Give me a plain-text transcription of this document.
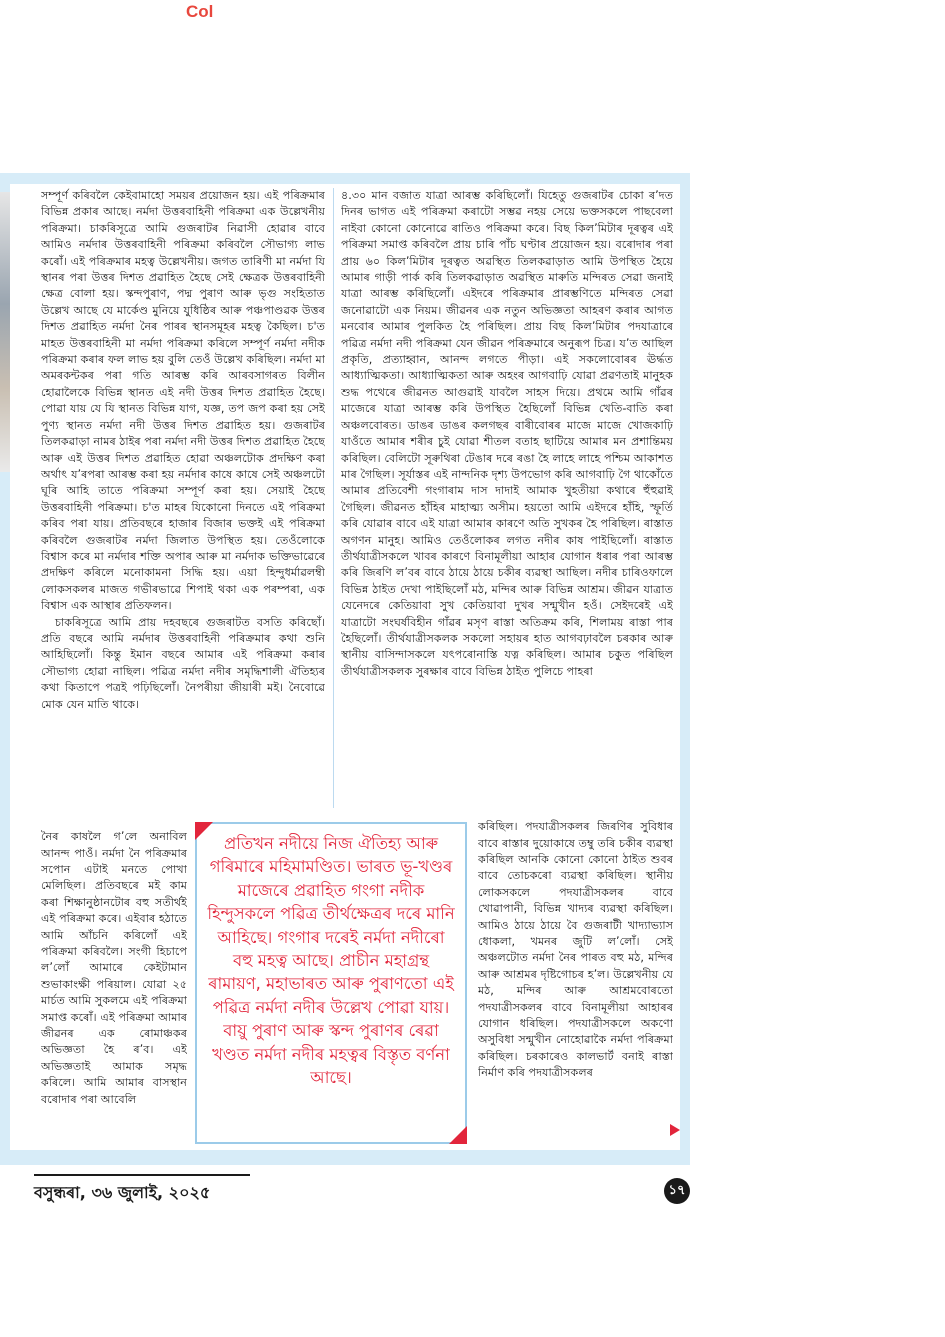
Col

সম্পূৰ্ণ কৰিবলৈ কেইবামাহো সময়ৰ প্ৰয়োজন হয়। এই পৰিক্ৰমাৰ বিভিন্ন প্ৰকাৰ আছে। নৰ্মদা উত্তৰবাহিনী পৰিক্ৰমা এক উল্লেখনীয় পৰিক্ৰমা। চাকৰিসূত্ৰে আমি গুজৰাটৰ নিৱাসী হোৱাৰ বাবে আমিও নৰ্মদাৰ উত্তৰবাহিনী পৰিক্ৰমা কৰিবলৈ সৌভাগ্য লাভ কৰোঁ। এই পৰিক্ৰমাৰ মহত্ব উল্লেখনীয়। জগত তাৰিণী মা নৰ্মদা যি স্থানৰ পৰা উত্তৰ দিশত প্ৰৱাহিত হৈছে সেই ক্ষেত্ৰক উত্তৰবাহিনী ক্ষেত্ৰ বোলা হয়। স্কন্দপুৰাণ, পদ্ম পুৰাণ আৰু ভৃগু সংহিতাত উল্লেখ আছে যে মাৰ্কেণ্ড মুনিয়ে যুধিষ্ঠিৰ আৰু পঞ্চপাণ্ডৱক উত্তৰ দিশত প্ৰৱাহিত নৰ্মদা নৈৰ পাৰৰ স্থানসমূহৰ মহত্ব কৈছিল। চ'ত মাহত উত্তৰবাহিনী মা নৰ্মদা পৰিক্ৰমা কৰিলে সম্পূৰ্ণ নৰ্মদা নদীক পৰিক্ৰমা কৰাৰ ফল লাভ হয় বুলি তেওঁ উল্লেখ কৰিছিল। নৰ্মদা মা অমৰকন্টকৰ পৰা গতি আৰম্ভ কৰি আৰবসাগৰত বিলীন হোৱালৈকে বিভিন্ন স্থানত এই নদী উত্তৰ দিশত প্ৰৱাহিত হৈছে। পোৱা যায় যে যি স্থানত বিভিন্ন যাগ, যজ্ঞ, তপ জপ কৰা হয় সেই পুণ্য স্থানত নৰ্মদা নদী উত্তৰ দিশত প্ৰৱাহিত হয়। গুজৰাটৰ তিলকৱাড়া নামৰ ঠাইৰ পৰা নৰ্মদা নদী উত্তৰ দিশত প্ৰৱাহিত হৈছে আৰু এই উত্তৰ দিশত প্ৰৱাহিত হোৱা অঞ্চলটোক প্ৰদক্ষিণ কৰা অৰ্থাৎ যʼৰপৰা আৰম্ভ কৰা হয় নৰ্মদাৰ কাষে কাষে সেই অঞ্চলটো ঘূৰি আহি তাতে পৰিক্ৰমা সম্পূৰ্ণ কৰা হয়। সেয়াই হৈছে উত্তৰবাহিনী পৰিক্ৰমা। চ'ত মাহৰ যিকোনো দিনতে এই পৰিক্ৰমা কৰিব পৰা যায়। প্ৰতিবছৰে হাজাৰ বিজাৰ ভক্তই এই পৰিক্ৰমা কৰিবলৈ গুজৰাটৰ নৰ্মদা জিলাত উপস্থিত হয়। তেওঁলোকে বিশ্বাস কৰে মা নৰ্মদাৰ শক্তি অপাৰ আৰু মা নৰ্মদাক ভক্তিভাৱেৰে প্ৰদক্ষিণ কৰিলে মনোকামনা সিদ্ধি হয়। এয়া হিন্দুধৰ্মাৱলম্বী লোকসকলৰ মাজত গভীৰভাৱে শিপাই থকা এক পৰম্পৰা, এক বিশ্বাস এক আস্থাৰ প্ৰতিফলন।

চাকৰিসূত্ৰে আমি প্ৰায় দহবছৰে গুজৰাটত বসতি কৰিছোঁ। প্ৰতি বছৰে আমি নৰ্মদাৰ উত্তৰবাহিনী পৰিক্ৰমাৰ কথা শুনি আহিছিলোঁ। কিন্তু ইমান বছৰে আমাৰ এই পৰিক্ৰমা কৰাৰ সৌভাগ্য হোৱা নাছিল। পৱিত্ৰ নৰ্মদা নদীৰ সমৃদ্ধিশালী ঐতিহ্যৰ কথা কিতাপে পত্ৰই পঢ়িছিলোঁ। নৈপৰীয়া জীয়াৰী মই। নৈবোৱে মোক যেন মাতি থাকে।

৪.৩০ মান বজাত যাত্ৰা আৰম্ভ কৰিছিলোঁ। যিহেতু গুজৰাটৰ চোকা ৰʼদত দিনৰ ভাগত এই পৰিক্ৰমা কৰাটো সম্ভৱ নহয় সেয়ে ভক্তসকলে পাছবেলা নাইবা কোনো কোনোৱে ৰাতিও পৰিক্ৰমা কৰে। বিছ কিলʼমিটাৰ দূৰত্বৰ এই পৰিক্ৰমা সমাপ্ত কৰিবলৈ প্ৰায় চাৰি পাঁচ ঘণ্টাৰ প্ৰয়োজন হয়। বৰোদাৰ পৰা প্ৰায় ৬০ কিলʼমিটাৰ দূৰত্বত অৱস্থিত তিলকৱাড়াত আমি উপস্থিত হৈয়ে আমাৰ গাড়ী পাৰ্ক কৰি তিলকৱাড়াত অৱস্থিত মাৰুতি মন্দিৰত সেৱা জনাই যাত্ৰা আৰম্ভ কৰিছিলোঁ। এইদৰে পৰিক্ৰমাৰ প্ৰাৰম্ভণিতে মন্দিৰত সেৱা জনোৱাটো এক নিয়ম। জীৱনৰ এক নতুন অভিজ্ঞতা আহৰণ কৰাৰ আগত মনবোৰ আমাৰ পুলকিত হৈ পৰিছিল। প্ৰায় বিছ কিলʼমিটাৰ পদযাত্ৰাৰে পৱিত্ৰ নৰ্মদা নদী পৰিক্ৰমা যেন জীৱন পৰিক্ৰমাৰে অনুৰূপ চিত্ৰ। যʼত আছিল প্ৰকৃতি, প্ৰত্যাহ্বান, আনন্দ লগতে পীড়া। এই সকলোবোৰৰ ঊৰ্দ্ধত আধ্যাত্মিকতা। আধ্যাত্মিকতা আৰু অহংৰ আগবাঢ়ি যোৱা প্ৰৱণতাই মানুহক শুদ্ধ পথেৰে জীৱনত আগুৱাই যাবলৈ সাহস দিয়ে। প্ৰথমে আমি গাঁৱৰ মাজেৰে যাত্ৰা আৰম্ভ কৰি উপস্থিত হৈছিলোঁ বিভিন্ন খেতি-বাতি কৰা অঞ্চলবোৰত। ডাঙৰ ডাঙৰ কলগছৰ বাৰীবোৰৰ মাজে মাজে খোজকাঢ়ি যাওঁতে আমাৰ শৰীৰ চুই যোৱা শীতল বতাহ ছাটিয়ে আমাৰ মন প্ৰশান্তিময় কৰিছিল। বেলিটো সূৰুথিৰা টেঙাৰ দৰে ৰঙা হৈ লাহে লাহে পশ্চিম আকাশত মাৰ গৈছিল। সূৰ্যাস্তৰ এই নান্দনিক দৃশ্য উপভোগ কৰি আগবাঢ়ি গৈ থাকোঁতে আমাৰ প্ৰতিবেশী গংগাৰাম দাস দাদাই আমাক খুহতীয়া কথাৰে হুঁহুৱাই গৈছিল। জীৱনত হাঁহিৰ মাহাত্ম্য অসীম। হয়তো আমি এইদৰে হাঁহি, স্ফূৰ্তি কৰি যোৱাৰ বাবে এই যাত্ৰা আমাৰ কাৰণে অতি সুখকৰ হৈ পৰিছিল। ৰাস্তাত অগণন মানুহ। আমিও তেওঁলোকৰ লগত নদীৰ কাষ পাইছিলোঁ। ৰাস্তাত তীৰ্থযাত্ৰীসকলে খাবৰ কাৰণে বিনামূলীয়া আহাৰ যোগান ধৰাৰ পৰা আৰম্ভ কৰি জিৰণি লʼবৰ বাবে ঠায়ে ঠায়ে চকীৰ ব্যৱস্থা আছিল। নদীৰ চাৰিওফালে বিভিন্ন ঠাইত দেখা পাইছিলোঁ মঠ, মন্দিৰ আৰু বিভিন্ন আশ্ৰম। জীৱন যাত্ৰাত যেনেদৰে কেতিয়াবা সুখ কেতিয়াবা দুখৰ সন্মুখীন হওঁ। সেইদৰেই এই যাত্ৰাটো সংঘৰ্ষবিহীন গাঁৱৰ মসৃণ ৰাস্তা অতিক্ৰম কৰি, শিলাময় ৰাস্তা পাৰ হৈছিলোঁ। তীৰ্থযাত্ৰীসকলক সকলো সহায়ৰ হাত আগবঢ়াবলৈ চৰকাৰ আৰু স্থানীয় বাসিন্দাসকলে যৎপৰোনাস্তি যত্ন কৰিছিল। আমাৰ চকুত পৰিছিল তীৰ্থযাত্ৰীসকলক সুৰক্ষাৰ বাবে বিভিন্ন ঠাইত পুলিচে পাহৰা

নৈৰ কাষলৈ গʼলে অনাবিল আনন্দ পাওঁ। নৰ্মদা নৈ পৰিক্ৰমাৰ সপোন এটাই মনতে পোখা মেলিছিল। প্ৰতিবছৰে মই কাম কৰা শিক্ষানুষ্ঠানটোৰ বহু সতীৰ্থই এই পৰিক্ৰমা কৰে। এইবাৰ হঠাতে আমি আঁচনি কৰিলোঁ এই পৰিক্ৰমা কৰিবলৈ। সংগী হিচাপে লʼলোঁ আমাৰে কেইটামান শুভাকাংক্ষী পৰিয়াল। যোৱা ২৫ মাৰ্চত আমি সুকলমে এই পৰিক্ৰমা সমাপ্ত কৰোঁ। এই পৰিক্ৰমা আমাৰ জীৱনৰ এক ৰোমাঞ্চকৰ অভিজ্ঞতা হৈ ৰʼব। এই অভিজ্ঞতাই আমাক সমৃদ্ধ কৰিলে। আমি আমাৰ বাসস্থান বৰোদাৰ পৰা আবেলি

কৰিছিল। পদযাত্ৰীসকলৰ জিৰণিৰ সুবিধাৰ বাবে ৰাস্তাৰ দুয়োকাষে তম্বু তৰি চকীৰ ব্যৱস্থা কৰিছিল আনকি কোনো কোনো ঠাইত শুবৰ বাবে তোচকৰো ব্যৱস্থা কৰিছিল। স্থানীয় লোকসকলে পদযাত্ৰীসকলৰ বাবে খোৱাপানী, বিভিন্ন খাদ্যৰ ব্যৱস্থা কৰিছিল। আমিও ঠায়ে ঠায়ে বৈ গুজৰাটী খাদ্যাভ্যাস ধোকলা, খমনৰ জুটি লʼলোঁ। সেই অঞ্চলটোত নৰ্মদা নৈৰ পাৰত বহু মঠ, মন্দিৰ আৰু আশ্ৰমৰ দৃষ্টিগোচৰ হʼল। উল্লেখনীয় যে মঠ, মন্দিৰ আৰু আশ্ৰমবোৰতো পদযাত্ৰীসকলৰ বাবে বিনামূলীয়া আহাৰৰ যোগান ধৰিছিল। পদযাত্ৰীসকলে অকণো অসুবিধা সন্মুখীন নোহোৱাকৈ নৰ্মদা পৰিক্ৰমা কৰিছিল। চৰকাৰেও কালভাৰ্ট বনাই ৰাস্তা নিৰ্মাণ কৰি পদযাত্ৰীসকলৰ

প্ৰতিখন নদীয়ে নিজ ঐতিহ্য আৰু গৰিমাৰে মহিমামণ্ডিত। ভাৰত ভূ-খণ্ডৰ মাজেৰে প্ৰৱাহিত গংগা নদীক হিন্দুসকলে পৱিত্ৰ তীৰ্থক্ষেত্ৰৰ দৰে মানি আহিছে। গংগাৰ দৰেই নৰ্মদা নদীৰো বহু মহত্ব আছে। প্ৰাচীন মহাগ্ৰন্থ ৰামায়ণ, মহাভাৰত আৰু পুৰাণতো এই পৱিত্ৰ নৰ্মদা নদীৰ উল্লেখ পোৱা যায়। বায়ু পুৰাণ আৰু স্কন্দ পুৰাণৰ ৰেৱা খণ্ডত নৰ্মদা নদীৰ মহত্বৰ বিস্তৃত বৰ্ণনা আছে।
বসুন্ধৰা, ৩৬ জুলাই, ২০২৫	১৭
